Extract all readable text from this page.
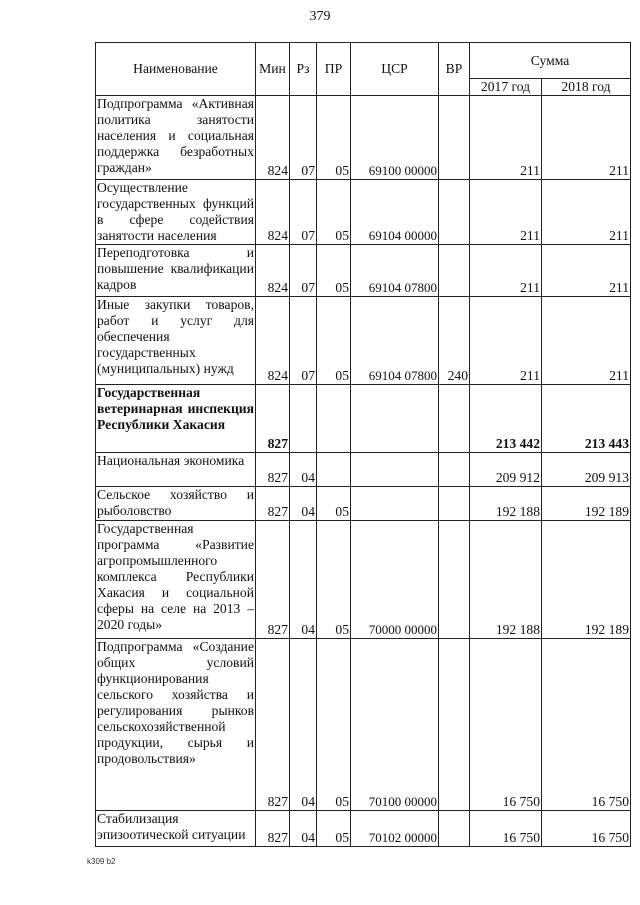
379
Наименование	Мин	Рз	ПР	ЦСР	ВР	Сумма	
						2017 год	2018 год
Подпрограмма «Активная политика занятости населения и социальная поддержка безработных граждан»	824	07	05	69100 00000		211	211
Осуществление государственных функций в сфере содействия занятости населения	824	07	05	69104 00000		211	211
Переподготовка и повышение квалификации кадров	824	07	05	69104 07800		211	211
Иные закупки товаров, работ и услуг для обеспечения государственных (муниципальных) нужд	824	07	05	69104 07800	240	211	211
Государственная ветеринарная инспекция Республики Хакасия	827					213 442	213 443
Национальная экономика	827	04				209 912	209 913
Сельское хозяйство и рыболовство	827	04	05			192 188	192 189
Государственная программа «Развитие агропромышленного комплекса Республики Хакасия и социальной сферы на селе на 2013 – 2020 годы»	827	04	05	70000 00000		192 188	192 189
Подпрограмма «Создание общих условий функционирования сельского хозяйства и регулирования рынков сельскохозяйственной продукции, сырья и продовольствия»	827	04	05	70100 00000		16 750	16 750
Стабилизация эпизоотической ситуации	827	04	05	70102 00000		16 750	16 750
k309 b2
